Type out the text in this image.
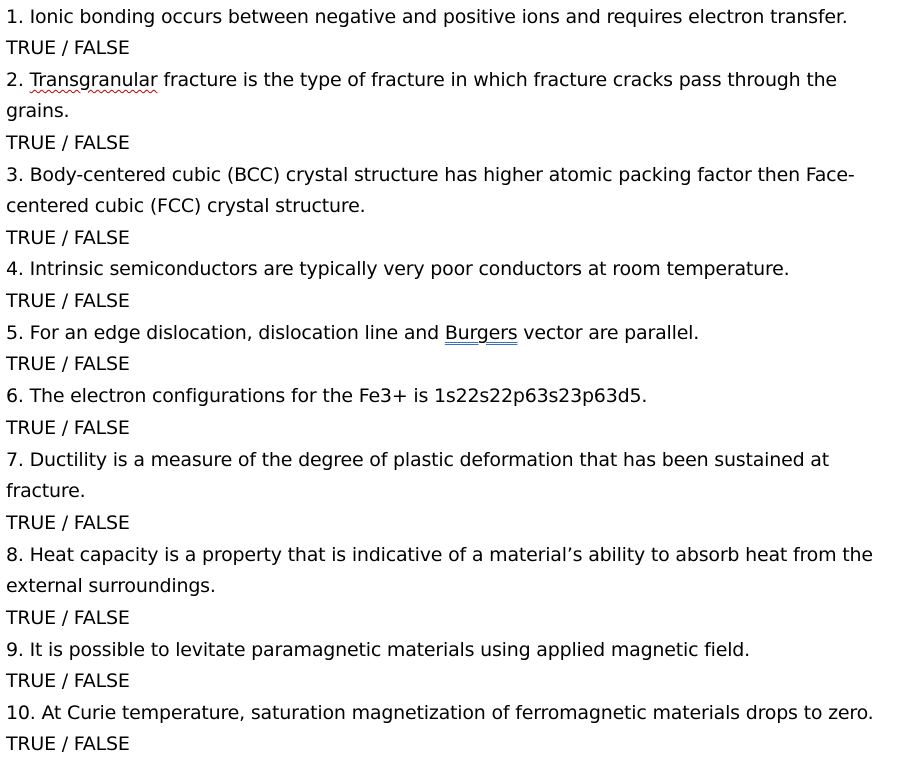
1. Ionic bonding occurs between negative and positive ions and requires electron transfer.
TRUE / FALSE
2. Transgranular fracture is the type of fracture in which fracture cracks pass through the
grains.
TRUE / FALSE
3. Body-centered cubic (BCC) crystal structure has higher atomic packing factor then Face-
centered cubic (FCC) crystal structure.
TRUE / FALSE
4. Intrinsic semiconductors are typically very poor conductors at room temperature.
TRUE / FALSE
5. For an edge dislocation, dislocation line and Burgers vector are parallel.
TRUE / FALSE
6. The electron configurations for the Fe3+ is 1s22s22p63s23p63d5.
TRUE / FALSE
7. Ductility is a measure of the degree of plastic deformation that has been sustained at
fracture.
TRUE / FALSE
8. Heat capacity is a property that is indicative of a material’s ability to absorb heat from the
external surroundings.
TRUE / FALSE
9. It is possible to levitate paramagnetic materials using applied magnetic field.
TRUE / FALSE
10. At Curie temperature, saturation magnetization of ferromagnetic materials drops to zero.
TRUE / FALSE
